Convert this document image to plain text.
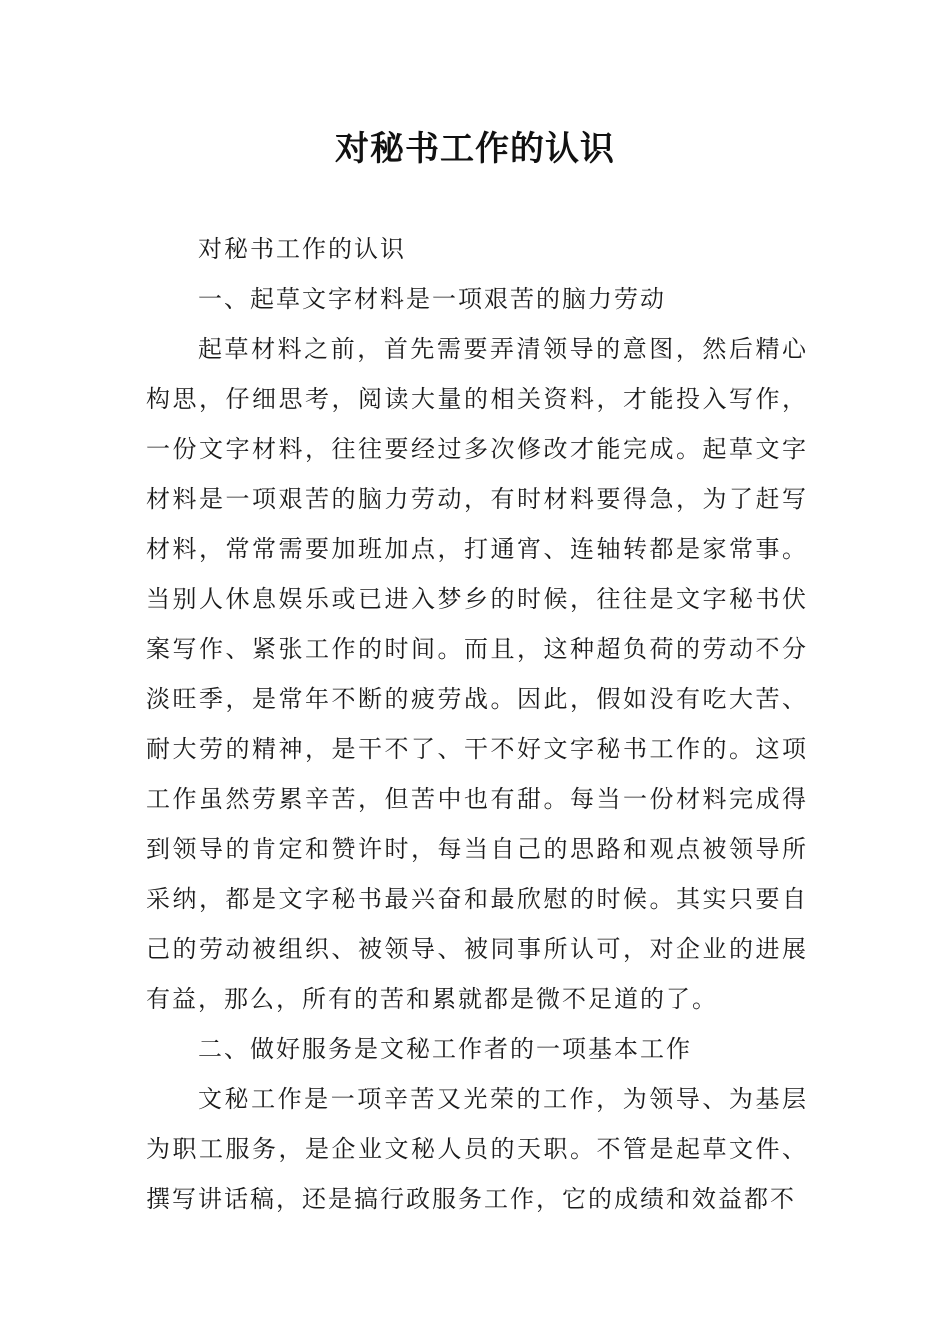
对秘书工作的认识

对秘书工作的认识

一、起草文字材料是一项艰苦的脑力劳动

起草材料之前，首先需要弄清领导的意图，然后精心构思，仔细思考，阅读大量的相关资料，才能投入写作，一份文字材料，往往要经过多次修改才能完成。起草文字材料是一项艰苦的脑力劳动，有时材料要得急，为了赶写材料，常常需要加班加点，打通宵、连轴转都是家常事。当别人休息娱乐或已进入梦乡的时候，往往是文字秘书伏案写作、紧张工作的时间。而且，这种超负荷的劳动不分淡旺季，是常年不断的疲劳战。因此，假如没有吃大苦、耐大劳的精神，是干不了、干不好文字秘书工作的。这项工作虽然劳累辛苦，但苦中也有甜。每当一份材料完成得到领导的肯定和赞许时，每当自己的思路和观点被领导所采纳，都是文字秘书最兴奋和最欣慰的时候。其实只要自己的劳动被组织、被领导、被同事所认可，对企业的进展有益，那么，所有的苦和累就都是微不足道的了。

二、做好服务是文秘工作者的一项基本工作

文秘工作是一项辛苦又光荣的工作，为领导、为基层为职工服务，是企业文秘人员的天职。不管是起草文件、撰写讲话稿，还是搞行政服务工作，它的成绩和效益都不
